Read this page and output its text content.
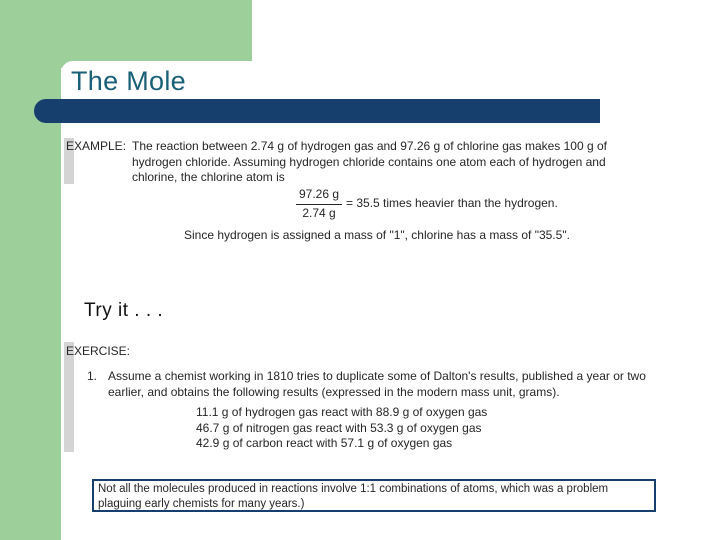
The Mole
EXAMPLE: The reaction between 2.74 g of hydrogen gas and 97.26 g of chlorine gas makes 100 g of
hydrogen chloride. Assuming hydrogen chloride contains one atom each of hydrogen and
chlorine, the chlorine atom is
$\frac{97.26 g}{2.74 g} = 35.5$ times heavier than the hydrogen.
Since hydrogen is assigned a mass of "1", chlorine has a mass of "35.5".
Try it . . .
EXERCISE:
1. Assume a chemist working in 1810 tries to duplicate some of Dalton's results, published a year or two
earlier, and obtains the following results (expressed in the modern mass unit, grams).
11.1 g of hydrogen gas react with 88.9 g of oxygen gas
46.7 g of nitrogen gas react with 53.3 g of oxygen gas
42.9 g of carbon react with 57.1 g of oxygen gas
Not all the molecules produced in reactions involve 1:1 combinations of atoms, which was a problem
plaguing early chemists for many years.)
